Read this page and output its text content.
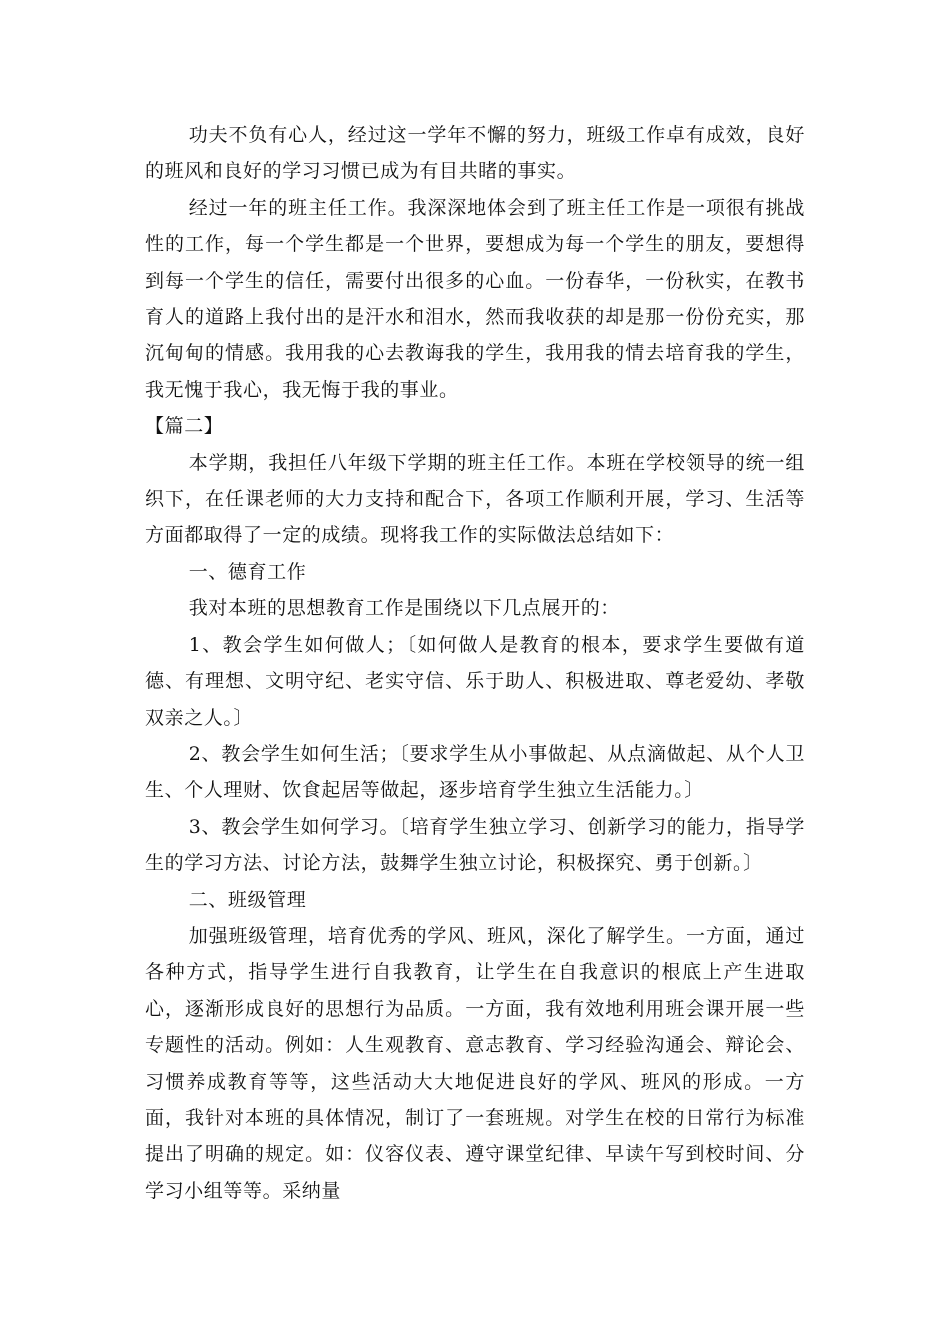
功夫不负有心人，经过这一学年不懈的努力，班级工作卓有成效，良好的班风和良好的学习习惯已成为有目共睹的事实。

经过一年的班主任工作。我深深地体会到了班主任工作是一项很有挑战性的工作，每一个学生都是一个世界，要想成为每一个学生的朋友，要想得到每一个学生的信任，需要付出很多的心血。一份春华，一份秋实，在教书育人的道路上我付出的是汗水和泪水，然而我收获的却是那一份份充实，那沉甸甸的情感。我用我的心去教诲我的学生，我用我的情去培育我的学生，我无愧于我心，我无悔于我的事业。

【篇二】

本学期，我担任八年级下学期的班主任工作。本班在学校领导的统一组织下，在任课老师的大力支持和配合下，各项工作顺利开展，学习、生活等方面都取得了一定的成绩。现将我工作的实际做法总结如下：

一、德育工作

我对本班的思想教育工作是围绕以下几点展开的：

1、教会学生如何做人；〔如何做人是教育的根本，要求学生要做有道德、有理想、文明守纪、老实守信、乐于助人、积极进取、尊老爱幼、孝敬双亲之人。〕

2、教会学生如何生活；〔要求学生从小事做起、从点滴做起、从个人卫生、个人理财、饮食起居等做起，逐步培育学生独立生活能力。〕

3、教会学生如何学习。〔培育学生独立学习、创新学习的能力，指导学生的学习方法、讨论方法，鼓舞学生独立讨论，积极探究、勇于创新。〕

二、班级管理

加强班级管理，培育优秀的学风、班风，深化了解学生。一方面，通过各种方式，指导学生进行自我教育，让学生在自我意识的根底上产生进取心，逐渐形成良好的思想行为品质。一方面，我有效地利用班会课开展一些专题性的活动。例如：人生观教育、意志教育、学习经验沟通会、辩论会、习惯养成教育等等，这些活动大大地促进良好的学风、班风的形成。一方面，我针对本班的具体情况，制订了一套班规。对学生在校的日常行为标准提出了明确的规定。如：仪容仪表、遵守课堂纪律、早读午写到校时间、分学习小组等等。采纳量
